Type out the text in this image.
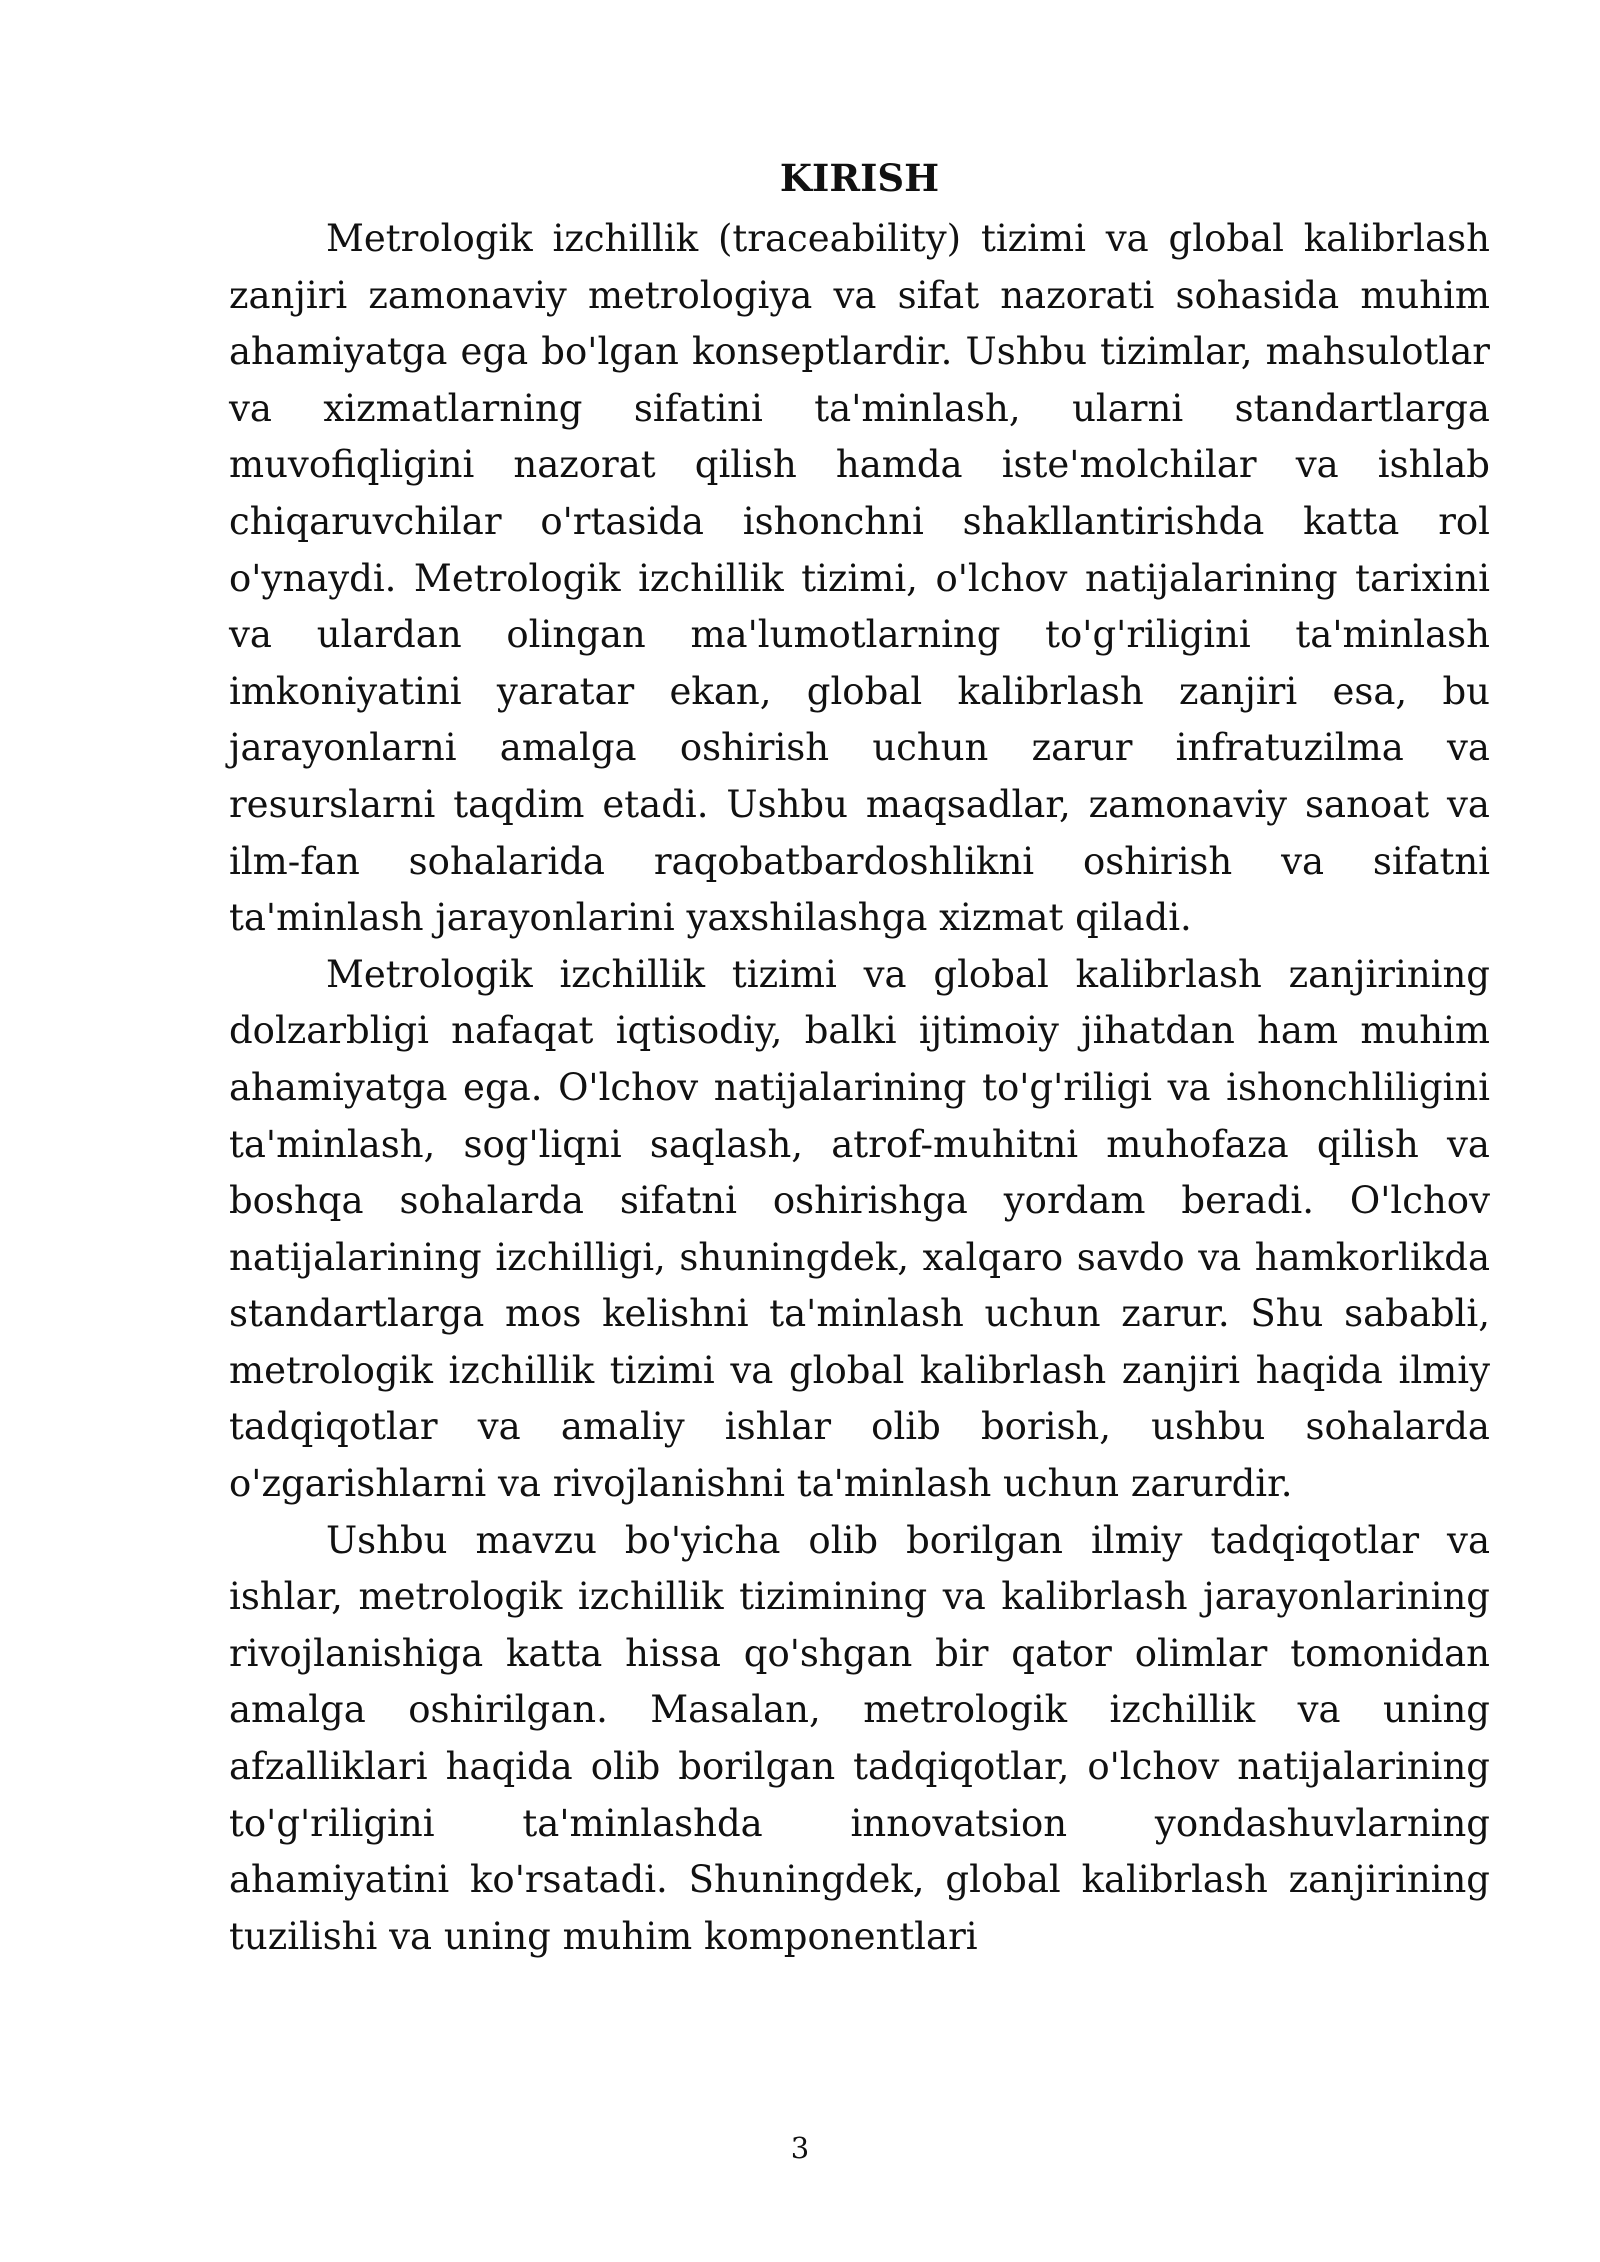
KIRISH

Metrologik izchillik (traceability) tizimi va global kalibrlash zanjiri zamonaviy metrologiya va sifat nazorati sohasida muhim ahamiyatga ega bo'lgan konseptlardir. Ushbu tizimlar, mahsulotlar va xizmatlarning sifatini ta'minlash, ularni standartlarga muvofiqligini nazorat qilish hamda iste'molchilar va ishlab chiqaruvchilar o'rtasida ishonchni shakllantirishda katta rol o'ynaydi. Metrologik izchillik tizimi, o'lchov natijalarining tarixini va ulardan olingan ma'lumotlarning to'g'riligini ta'minlash imkoniyatini yaratar ekan, global kalibrlash zanjiri esa, bu jarayonlarni amalga oshirish uchun zarur infratuzilma va resurslarni taqdim etadi. Ushbu maqsadlar, zamonaviy sanoat va ilm-fan sohalarida raqobatbardoshlikni oshirish va sifatni ta'minlash jarayonlarini yaxshilashga xizmat qiladi.

Metrologik izchillik tizimi va global kalibrlash zanjirining dolzarbligi nafaqat iqtisodiy, balki ijtimoiy jihatdan ham muhim ahamiyatga ega. O'lchov natijalarining to'g'riligi va ishonchliligini ta'minlash, sog'liqni saqlash, atrof-muhitni muhofaza qilish va boshqa sohalarda sifatni oshirishga yordam beradi. O'lchov natijalarining izchilligi, shuningdek, xalqaro savdo va hamkorlikda standartlarga mos kelishni ta'minlash uchun zarur. Shu sababli, metrologik izchillik tizimi va global kalibrlash zanjiri haqida ilmiy tadqiqotlar va amaliy ishlar olib borish, ushbu sohalarda o'zgarishlarni va rivojlanishni ta'minlash uchun zarurdir.

Ushbu mavzu bo'yicha olib borilgan ilmiy tadqiqotlar va ishlar, metrologik izchillik tizimining va kalibrlash jarayonlarining rivojlanishiga katta hissa qo'shgan bir qator olimlar tomonidan amalga oshirilgan. Masalan, metrologik izchillik va uning afzalliklari haqida olib borilgan tadqiqotlar, o'lchov natijalarining to'g'riligini ta'minlashda innovatsion yondashuvlarning ahamiyatini ko'rsatadi. Shuningdek, global kalibrlash zanjirining tuzilishi va uning muhim komponentlari

3
